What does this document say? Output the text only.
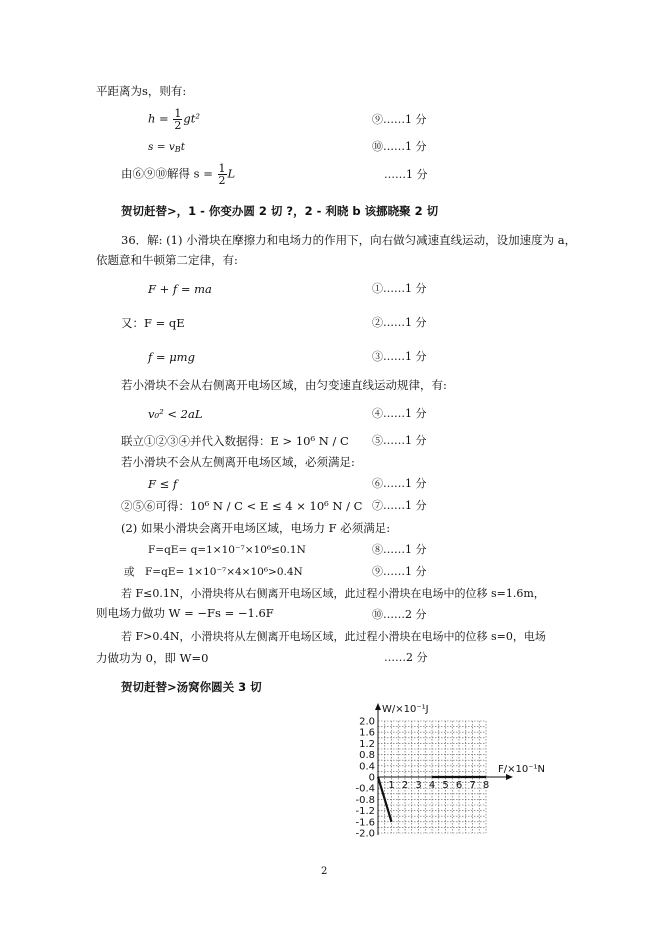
平距离为s，则有:
$h = \frac{1}{2} gt^2$	⑨……1 分
$s = v_Bt$	⑩……1 分
由⑥⑨⑩解得 $s = \frac{1}{2}$ L	……1 分
贺切赶替>，1 - 你变办圆 2 切 ?，2 - 利晓 b 该挪晓聚 2 切
36．解: (1) 小滑块在摩擦力和电场力的作用下，向右做匀减速直线运动，设加速度为 a，
依题意和牛顿第二定律，有:
F + f = ma	①……1 分
又：F = qE	②……1 分
f = μmg	③……1 分
若小滑块不会从右侧离开电场区域，由匀变速直线运动规律，有:
v₀² < 2aL	④……1 分
联立①②③④并代入数据得：E > 10⁶ N / C ⑤……1 分
若小滑块不会从左侧离开电场区域，必须满足:
F ≤ f	⑥……1 分
②⑤⑥可得：10⁶ N / C < E ≤ 4 × 10⁶ N / C ⑦……1 分
(2) 如果小滑块会离开电场区域，电场力 F 必须满足:
F=qE= q=1×10⁻⁷×10⁶≤0.1N	⑧……1 分
或　F=qE= 1×10⁻⁷×4×10⁶>0.4N	⑨……1 分
若 F≤0.1N，小滑块将从右侧离开电场区域，此过程小滑块在电场中的位移 s=1.6m，
则电场力做功 W = −Fs = −1.6F	⑩……2 分
若 F>0.4N，小滑块将从左侧离开电场区域，此过程小滑块在电场中的位移 s=0，电场
力做功为 0，即 W=0	……2 分
贺切赶替>汤窝你圆关 3 切
2.0
1.6
1.2
0.8
0.4
0
-0.4
-0.8
-1.2
-1.6
-2.0
1 2 3 4 5 6 7 8
W/×10⁻¹J
F/×10⁻¹N
2
